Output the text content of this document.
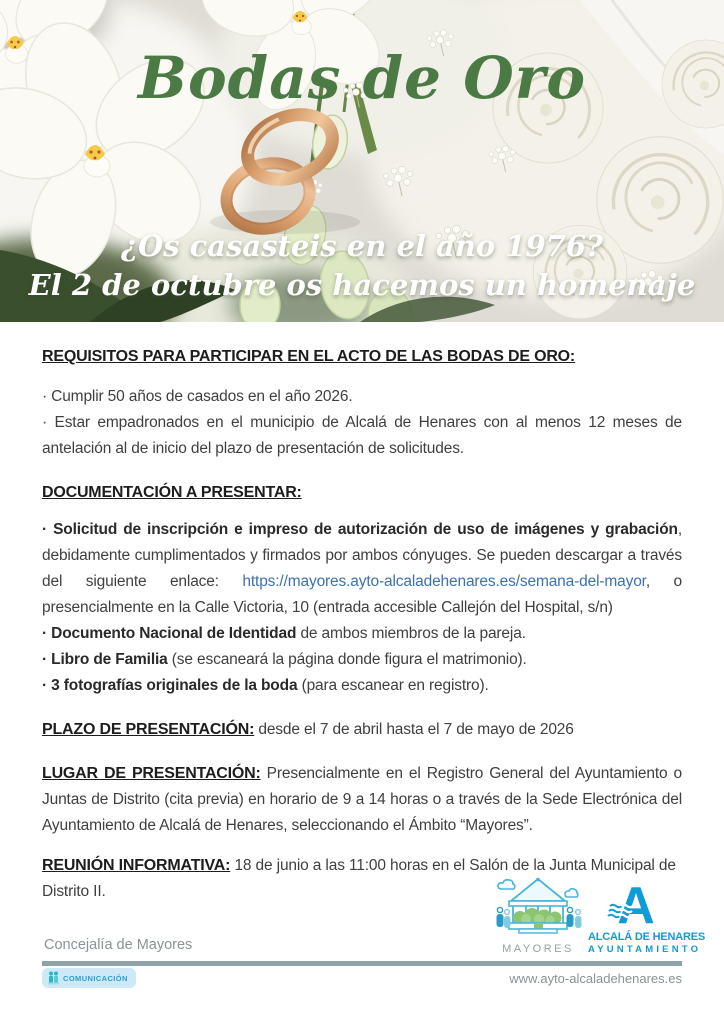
Bodas de Oro
¿Os casasteis en el año 1976?
El 2 de octubre os hacemos un homenaje
REQUISITOS PARA PARTICIPAR EN EL ACTO DE LAS BODAS DE ORO:

· Cumplir 50 años de casados en el año 2026.

· Estar empadronados en el municipio de Alcalá de Henares con al menos 12 meses de antelación al de inicio del plazo de presentación de solicitudes.

DOCUMENTACIÓN A PRESENTAR:

· Solicitud de inscripción e impreso de autorización de uso de imágenes y grabación, debidamente cumplimentados y firmados por ambos cónyuges. Se pueden descargar a través del siguiente enlace: https://mayores.ayto-alcaladehenares.es/semana-del-mayor, o presencialmente en la Calle Victoria, 10 (entrada accesible Callejón del Hospital, s/n)

· Documento Nacional de Identidad de ambos miembros de la pareja.

· Libro de Familia (se escaneará la página donde figura el matrimonio).

· 3 fotografías originales de la boda (para escanear en registro).

PLAZO DE PRESENTACIÓN: desde el 7 de abril hasta el 7 de mayo de 2026

LUGAR DE PRESENTACIÓN: Presencialmente en el Registro General del Ayuntamiento o Juntas de Distrito (cita previa) en horario de 9 a 14 horas o a través de la Sede Electrónica del Ayuntamiento de Alcalá de Henares, seleccionando el Ámbito “Mayores”.

REUNIÓN INFORMATIVA: 18 de junio a las 11:00 horas en el Salón de la Junta Municipal de Distrito II.

MAYORES
A
ALCALÁ DE HENARES
AYUNTAMIENTO
Concejalía de Mayores
COMUNICACIÓN	www.ayto-alcaladehenares.es
